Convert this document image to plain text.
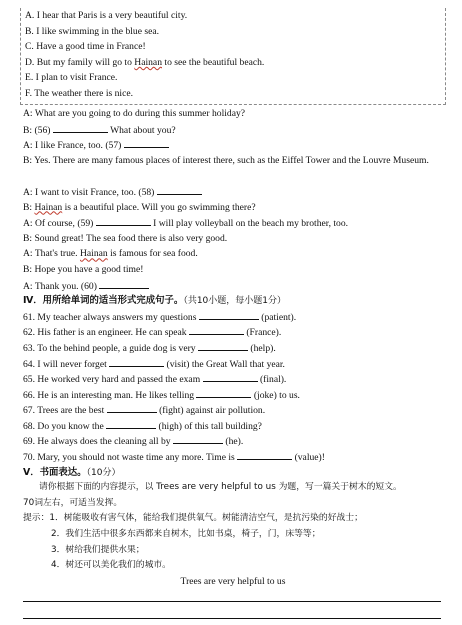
A. I hear that Paris is a very beautiful city.
B. I like swimming in the blue sea.
C. Have a good time in France!
D. But my family will go to Hainan to see the beautiful beach.
E. I plan to visit France.
F. The weather there is nice.
A: What are you going to do during this summer holiday?
B: (56)	What about you?
A: I like France, too. (57)
B: Yes. There are many famous places of interest there, such as the Eiffel Tower and the Louvre Museum.
A: I want to visit France, too. (58)
B: Hainan is a beautiful place. Will you go swimming there?
A: Of course, (59)	I will play volleyball on the beach my brother, too.
B: Sound great! The sea food there is also very good.
A: That's true. Hainan is famous for sea food.
B: Hope you have a good time!
A: Thank you. (60)
Ⅳ．用所给单词的适当形式完成句子。（共10小题，每小题1分）
61. My teacher always answers my questions	(patient).
62. His father is an engineer. He can speak	(France).
63. To the behind people, a guide dog is very	(help).
64. I will never forget	(visit) the Great Wall that year.
65. He worked very hard and passed the exam	(final).
66. He is an interesting man. He likes telling	(joke) to us.
67. Trees are the best	(fight) against air pollution.
68. Do you know the	(high) of this tall building?
69. He always does the cleaning all by	(he).
70. Mary, you should not waste time any more. Time is	(value)!
Ⅴ．书面表达。（10分）
请你根据下面的内容提示，以 Trees are very helpful to us 为题，写一篇关于树木的短文。
70词左右，可适当发挥。
提示：1．树能吸收有害气体，能给我们提供氧气。树能清洁空气，是抗污染的好战士；
2．我们生活中很多东西都来自树木，比如书桌，椅子，门，床等等；
3．树给我们提供水果；
4．树还可以美化我们的城市。
Trees are very helpful to us
